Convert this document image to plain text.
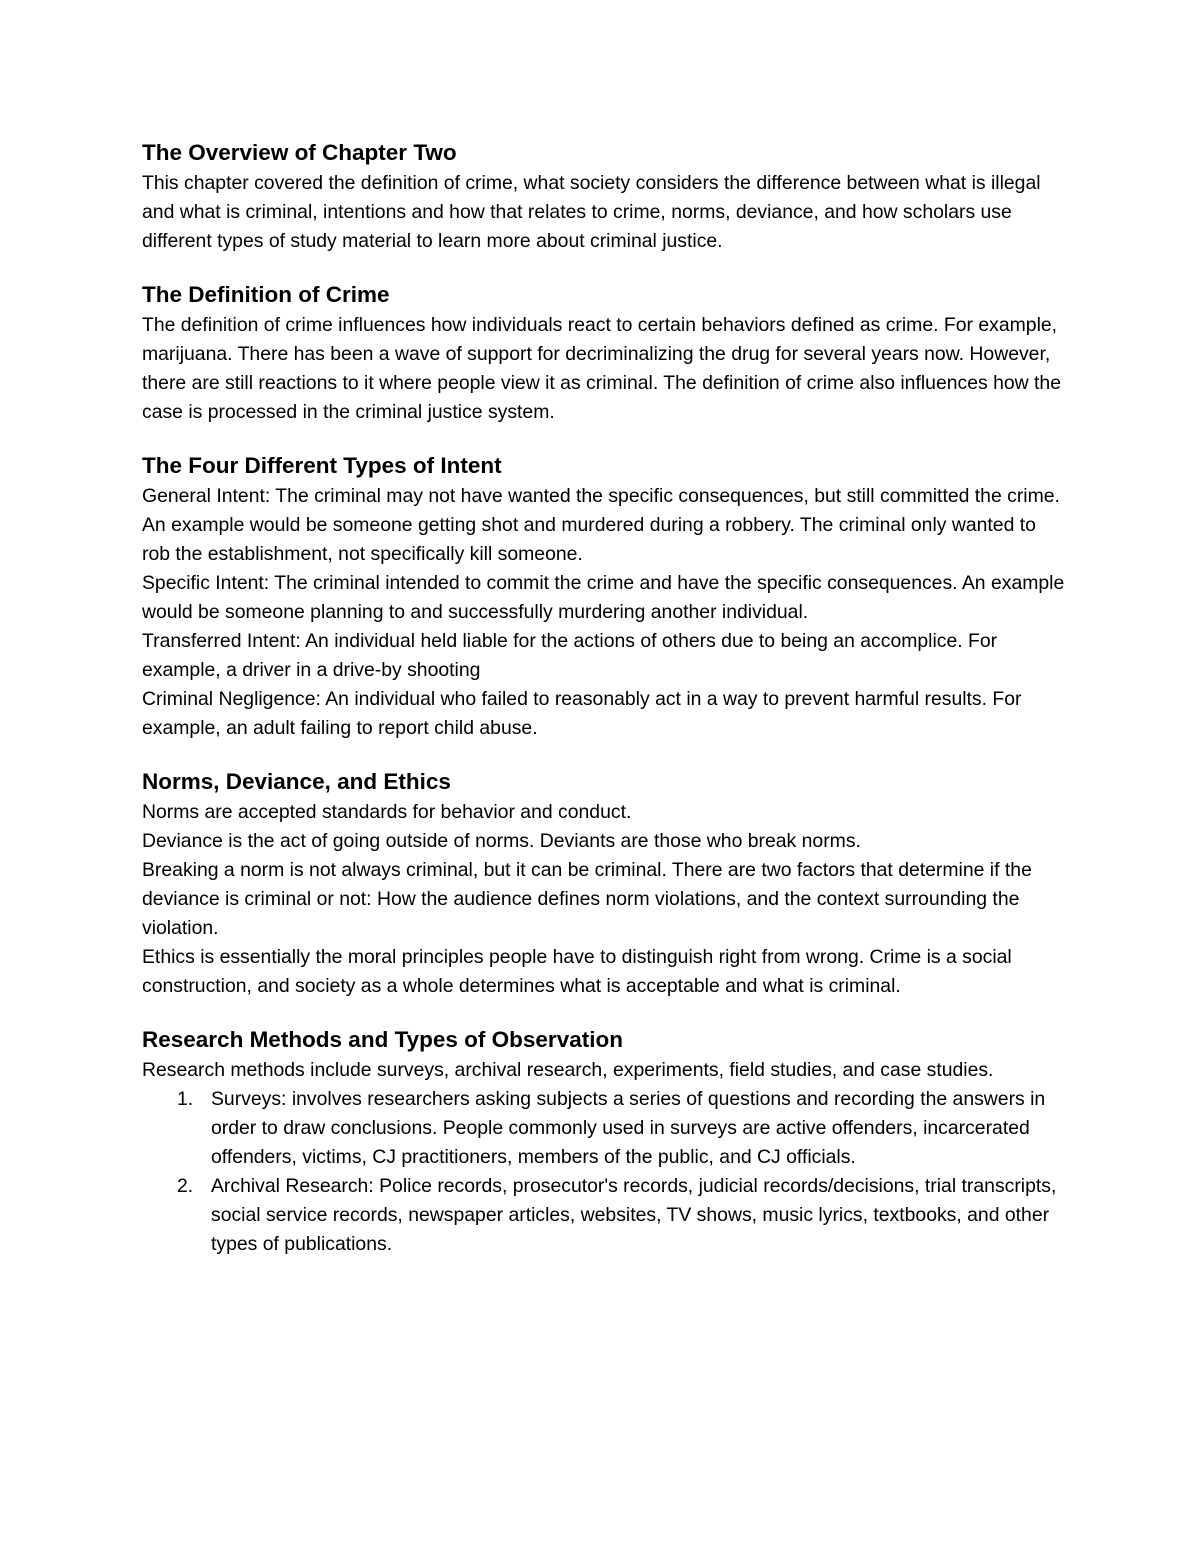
The Overview of Chapter Two

This chapter covered the definition of crime, what society considers the difference between what is illegal and what is criminal, intentions and how that relates to crime, norms, deviance, and how scholars use different types of study material to learn more about criminal justice.

The Definition of Crime

The definition of crime influences how individuals react to certain behaviors defined as crime. For example, marijuana. There has been a wave of support for decriminalizing the drug for several years now. However, there are still reactions to it where people view it as criminal. The definition of crime also influences how the case is processed in the criminal justice system.

The Four Different Types of Intent

General Intent: The criminal may not have wanted the specific consequences, but still committed the crime. An example would be someone getting shot and murdered during a robbery. The criminal only wanted to rob the establishment, not specifically kill someone.

Specific Intent: The criminal intended to commit the crime and have the specific consequences. An example would be someone planning to and successfully murdering another individual.

Transferred Intent: An individual held liable for the actions of others due to being an accomplice. For example, a driver in a drive-by shooting

Criminal Negligence: An individual who failed to reasonably act in a way to prevent harmful results. For example, an adult failing to report child abuse.

Norms, Deviance, and Ethics

Norms are accepted standards for behavior and conduct.

Deviance is the act of going outside of norms. Deviants are those who break norms.

Breaking a norm is not always criminal, but it can be criminal. There are two factors that determine if the deviance is criminal or not: How the audience defines norm violations, and the context surrounding the violation.

Ethics is essentially the moral principles people have to distinguish right from wrong. Crime is a social construction, and society as a whole determines what is acceptable and what is criminal.

Research Methods and Types of Observation

Research methods include surveys, archival research, experiments, field studies, and case studies.

1. Surveys: involves researchers asking subjects a series of questions and recording the answers in order to draw conclusions. People commonly used in surveys are active offenders, incarcerated offenders, victims, CJ practitioners, members of the public, and CJ officials.
2. Archival Research: Police records, prosecutor's records, judicial records/decisions, trial transcripts, social service records, newspaper articles, websites, TV shows, music lyrics, textbooks, and other types of publications.
